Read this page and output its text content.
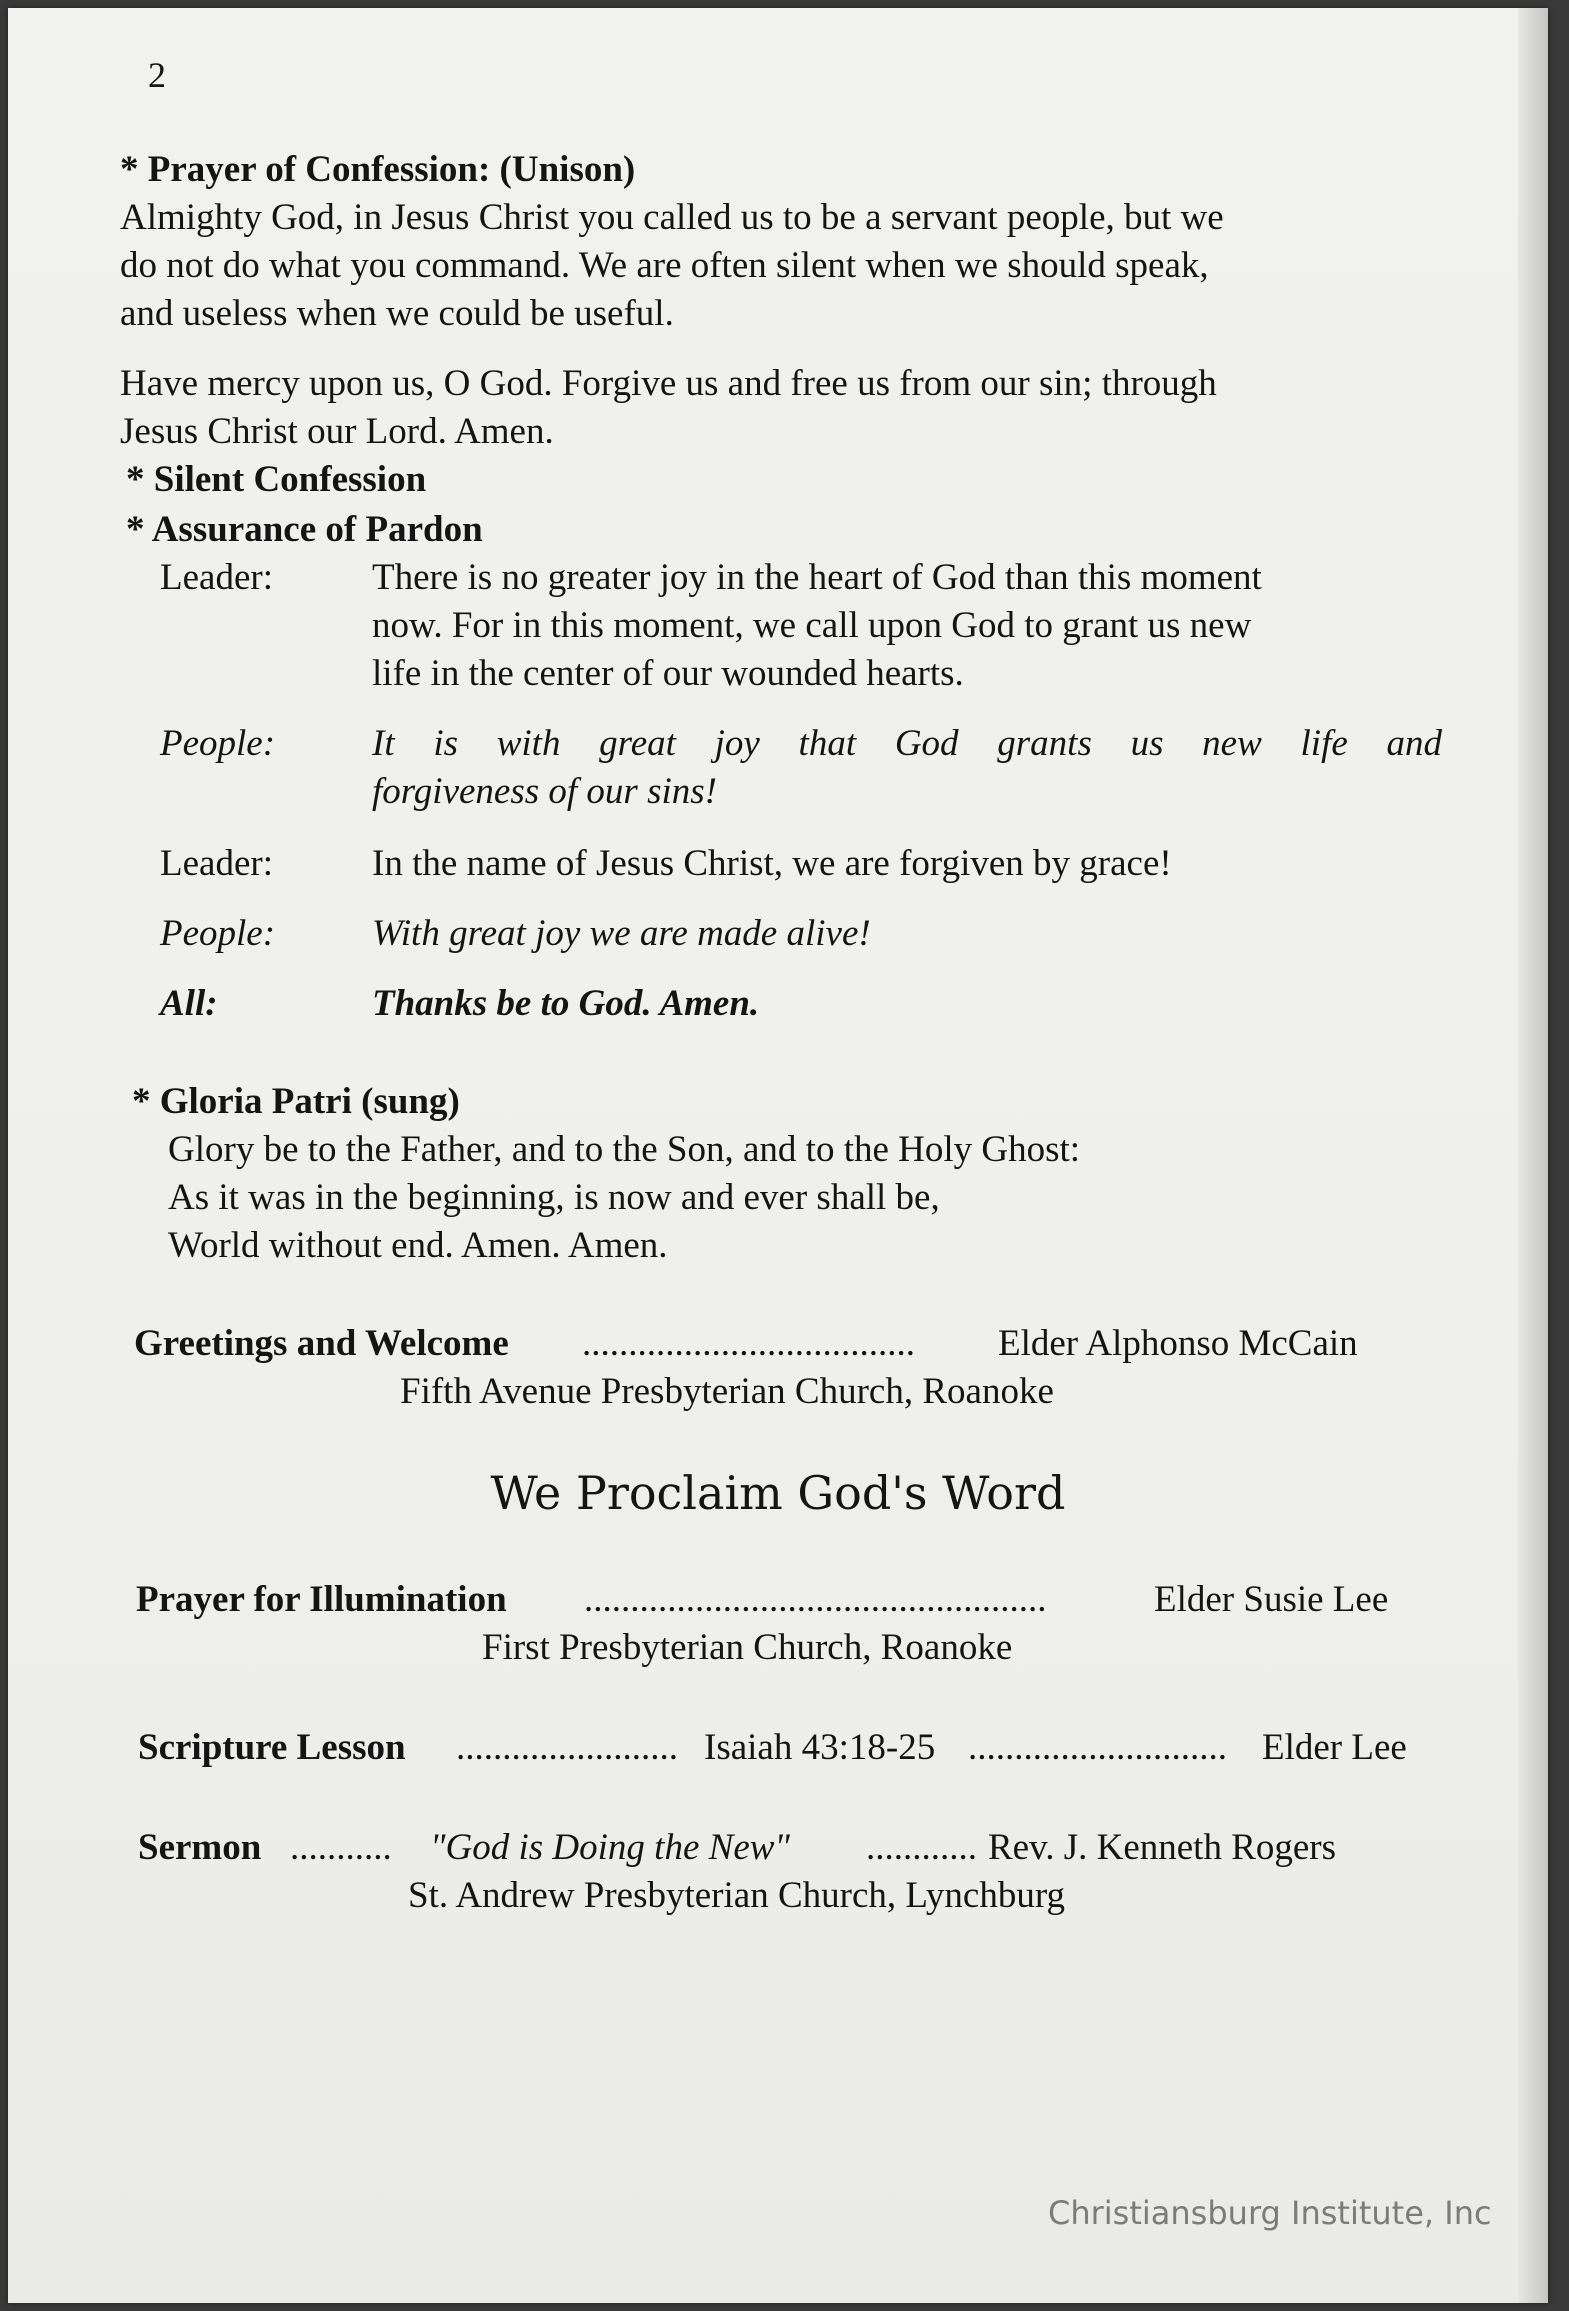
2
* Prayer of Confession: (Unison)
Almighty God, in Jesus Christ you called us to be a servant people, but we
do not do what you command. We are often silent when we should speak,
and useless when we could be useful.
Have mercy upon us, O God. Forgive us and free us from our sin; through
Jesus Christ our Lord. Amen.
* Silent Confession
* Assurance of Pardon
Leader:	There is no greater joy in the heart of God than this moment
now. For in this moment, we call upon God to grant us new
life in the center of our wounded hearts.
People:	It is with great joy that God grants us new life and
forgiveness of our sins!
Leader:	In the name of Jesus Christ, we are forgiven by grace!
People:	With great joy we are made alive!
All:	Thanks be to God. Amen.
* Gloria Patri (sung)
Glory be to the Father, and to the Son, and to the Holy Ghost:
As it was in the beginning, is now and ever shall be,
World without end. Amen. Amen.
Greetings and Welcome .................................... Elder Alphonso McCain
Fifth Avenue Presbyterian Church, Roanoke
We Proclaim God's Word
Prayer for Illumination ..................................................	Elder Susie Lee
First Presbyterian Church, Roanoke
Scripture Lesson ........................ Isaiah 43:18-25 ............................ Elder Lee
Sermon ........... "God is Doing the New" ............ Rev. J. Kenneth Rogers
St. Andrew Presbyterian Church, Lynchburg
Christiansburg Institute, Inc
